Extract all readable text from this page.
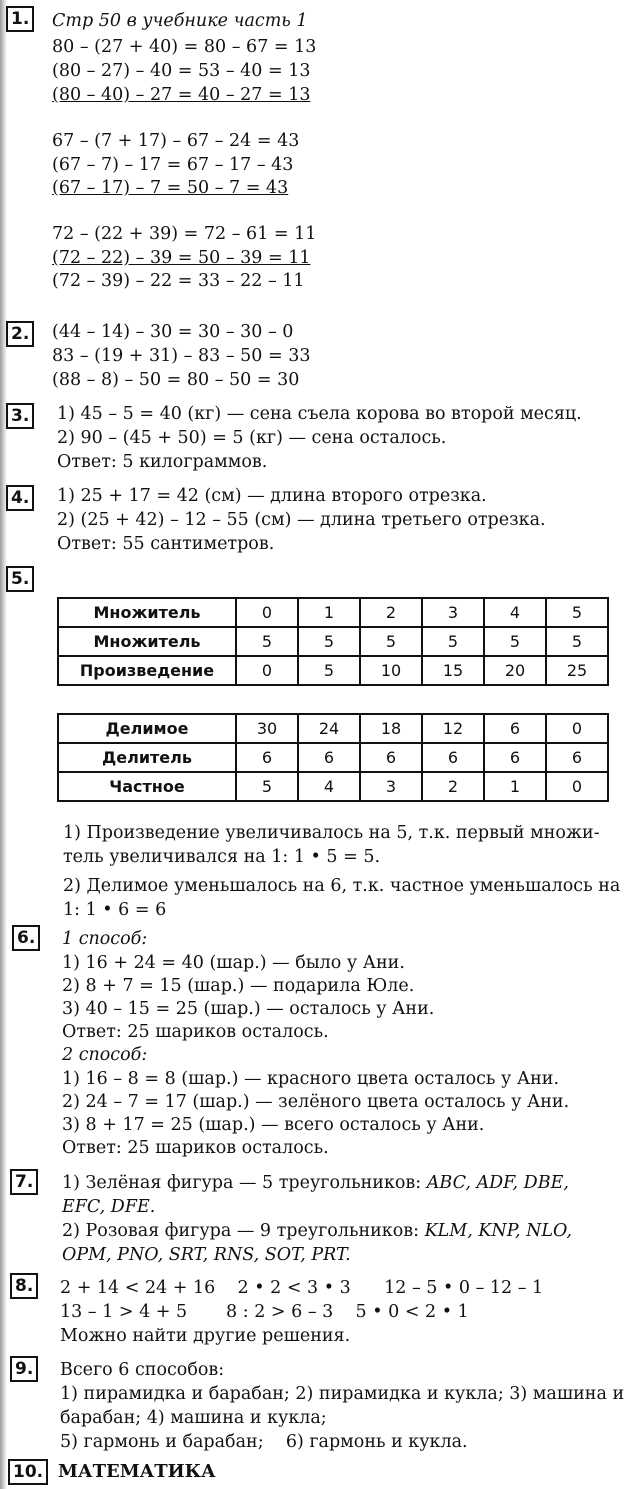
1. Стр 50 в учебнике часть 1
80 – (27 + 40) = 80 – 67 = 13
(80 – 27) – 40 = 53 – 40 = 13
(80 – 40) – 27 = 40 – 27 = 13
67 – (7 + 17) – 67 – 24 = 43
(67 – 7) – 17 = 67 – 17 – 43
(67 – 17) – 7 = 50 – 7 = 43
72 – (22 + 39) = 72 – 61 = 11
(72 – 22) – 39 = 50 – 39 = 11
(72 – 39) – 22 = 33 – 22 – 11
2. (44 – 14) – 30 = 30 – 30 – 0
83 – (19 + 31) – 83 – 50 = 33
(88 – 8) – 50 = 80 – 50 = 30
3. 1) 45 – 5 = 40 (кг) — сена съела корова во второй месяц.
2) 90 – (45 + 50) = 5 (кг) — сена осталось.
Ответ: 5 килограммов.
4. 1) 25 + 17 = 42 (см) — длина второго отрезка.
2) (25 + 42) – 12 – 55 (см) — длина третьего отрезка.
Ответ: 55 сантиметров.
5.
Множитель	0	1	2	3	4	5
Множитель	5	5	5	5	5	5
Произведение	0	5	10	15	20	25
Делимое	30	24	18	12	6	0
Делитель	6	6	6	6	6	6
Частное	5	4	3	2	1	0
1) Произведение увеличивалось на 5, т.к. первый множи-
тель увеличивался на 1: 1 • 5 = 5.
2) Делимое уменьшалось на 6, т.к. частное уменьшалось на
1: 1 • 6 = 6
6. 1 способ:
1) 16 + 24 = 40 (шар.) — было у Ани.
2) 8 + 7 = 15 (шар.) — подарила Юле.
3) 40 – 15 = 25 (шар.) — осталось у Ани.
Ответ: 25 шариков осталось.
2 способ:
1) 16 – 8 = 8 (шар.) — красного цвета осталось у Ани.
2) 24 – 7 = 17 (шар.) — зелёного цвета осталось у Ани.
3) 8 + 17 = 25 (шар.) — всего осталось у Ани.
Ответ: 25 шариков осталось.
7. 1) Зелёная фигура — 5 треугольников: ABC, ADF, DBE,
EFC, DFE.
2) Розовая фигура — 9 треугольников: KLM, KNP, NLO,
OPM, PNO, SRT, RNS, SOT, PRT.
8. 2 + 14 < 24 + 16    2 • 2 < 3 • 3      12 – 5 • 0 – 12 – 1
13 – 1 > 4 + 5       8 : 2 > 6 – 3    5 • 0 < 2 • 1
Можно найти другие решения.
9. Всего 6 способов:
1) пирамидка и барабан; 2) пирамидка и кукла; 3) машина и
барабан; 4) машина и кукла;
5) гармонь и барабан;    6) гармонь и кукла.
10. МАТЕМАТИКА
